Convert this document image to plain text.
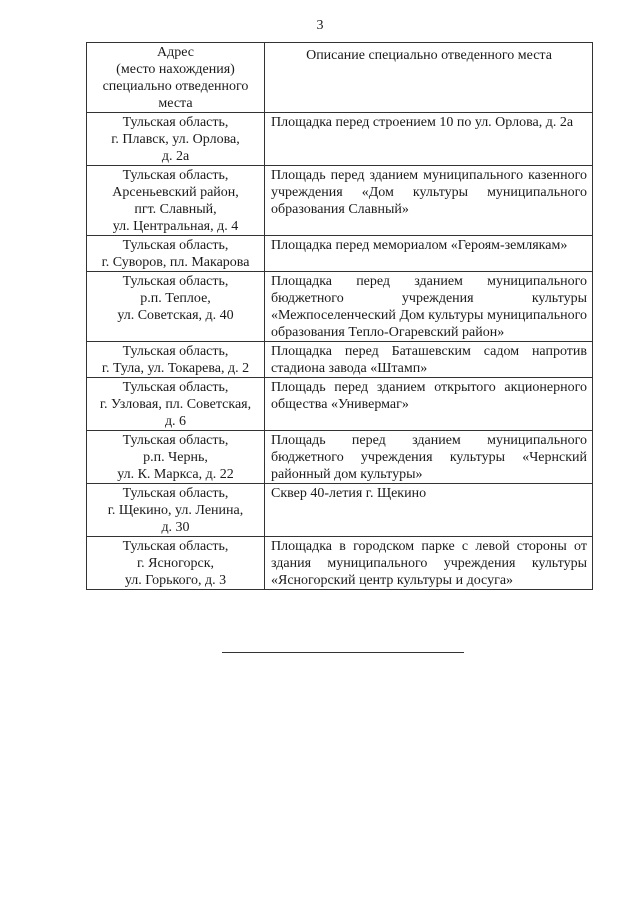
3
Адрес
(место нахождения)
специально отведенного
места	Описание специально отведенного места

Тульская область,
г. Плавск, ул. Орлова,
д. 2а	Площадка перед строением 10 по ул. Орлова, д. 2а

Тульская область,
Арсеньевский район,
пгт. Славный,
ул. Центральная, д. 4	Площадь перед зданием муниципального казенного учреждения «Дом культуры муниципального образования Славный»

Тульская область,
г. Суворов, пл. Макарова	Площадка перед мемориалом «Героям-землякам»

Тульская область,
р.п. Теплое,
ул. Советская, д. 40	Площадка перед зданием муниципального бюджетного учреждения культуры «Межпоселенческий Дом культуры муниципального образования Тепло-Огаревский район»

Тульская область,
г. Тула, ул. Токарева, д. 2	Площадка перед Баташевским садом напротив стадиона завода «Штамп»

Тульская область,
г. Узловая, пл. Советская,
д. 6	Площадь перед зданием открытого акционерного общества «Универмаг»

Тульская область,
р.п. Чернь,
ул. К. Маркса, д. 22	Площадь перед зданием муниципального бюджетного учреждения культуры «Чернский районный дом культуры»

Тульская область,
г. Щекино, ул. Ленина,
д. 30	Сквер 40-летия г. Щекино

Тульская область,
г. Ясногорск,
ул. Горького, д. 3	Площадка в городском парке с левой стороны от здания муниципального учреждения культуры «Ясногорский центр культуры и досуга»
